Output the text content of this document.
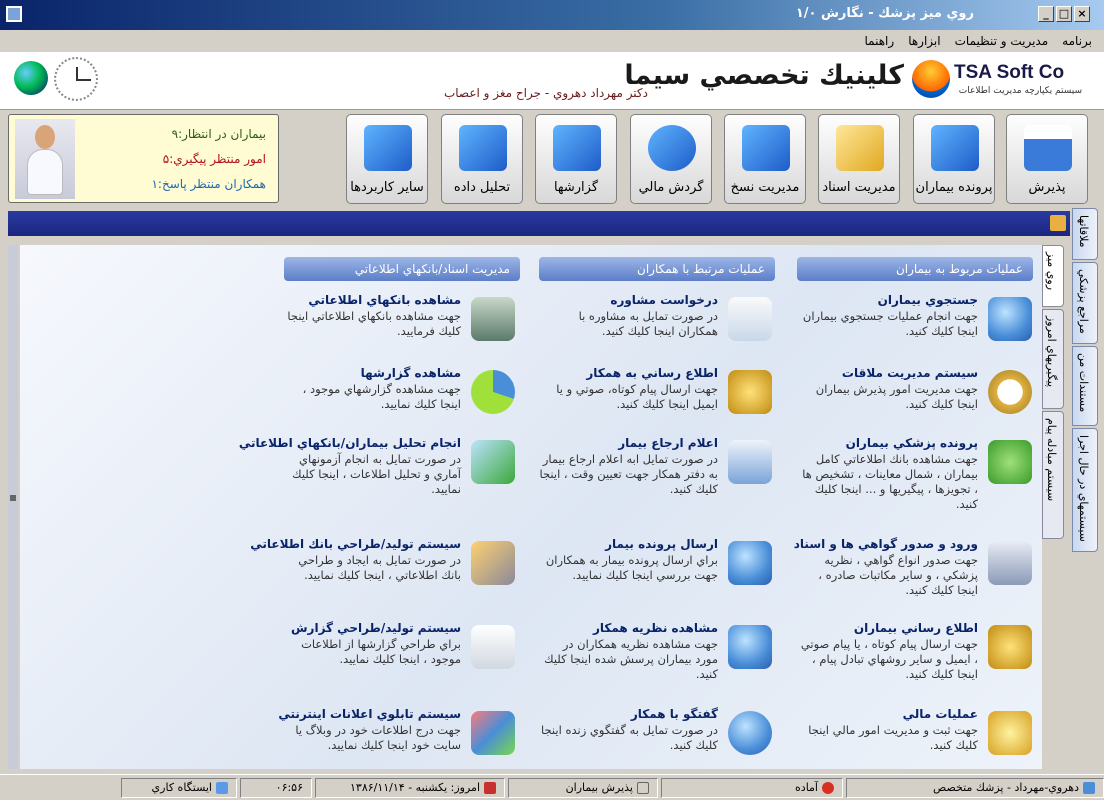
روي ميز پزشك - نگارش ۱/۰	_ □ ×
برنامه
مديريت و تنظيمات
ابزارها
راهنما
كلينيك تخصصي سيما
دكتر مهرداد دهروي - جراح مغز و اعصاب
TSA Soft Co
سيستم يكپارچه مديريت اطلاعات
بيماران در انتظار:۹
امور منتظر پيگيري:۵
همكاران منتظر پاسخ:۱	پذيرش
پرونده بيماران
مديريت اسناد
مديريت نسخ
گردش مالي
گزارشها
تحليل داده
ساير كاربردها
عمليات مربوط به بيماران
عمليات مرتبط با همكاران
مديريت اسناد/بانكهاي اطلاعاتي
جستجوي بيماران
جهت انجام عمليات جستجوي بيماران اينجا كليك كنيد.
سيستم مديريت ملاقات
جهت مديريت امور پذيرش بيماران اينجا كليك كنيد.
پرونده پزشكي بيماران
جهت مشاهده بانك اطلاعاتي كامل بيماران ، شمال معاينات ، تشخيص ها ، تجويزها ، پيگيريها و ... اينجا كليك كنيد.
ورود و صدور گواهي ها و اسناد
جهت صدور انواع گواهي ، نظريه پزشكي ، و ساير مكاتبات صادره ، اينجا كليك كنيد.
اطلاع رساني بيماران
جهت ارسال پيام كوتاه ، يا پيام صوتي ، ايميل و ساير روشهاي تبادل پيام ، اينجا كليك كنيد.
عمليات مالي
جهت ثبت و مديريت امور مالي اينجا كليك كنيد.
درخواست مشاوره
در صورت تمايل به مشاوره با همكاران اينجا كليك كنيد.
اطلاع رساني به همكار
جهت ارسال پيام كوتاه، صوتي و يا ايميل اينجا كليك كنيد.
اعلام ارجاع بيمار
در صورت تمايل ابه اعلام ارجاع بيمار به دفتر همكار جهت تعيين وقت ، اينجا كليك كنيد.
ارسال پرونده بيمار
براي ارسال پرونده بيمار به همكاران جهت بررسي اينجا كليك نماييد.
مشاهده نظريه همكار
جهت مشاهده نظريه همكاران در مورد بيماران پرسش شده اينجا كليك كنيد.
گفتگو با همكار
در صورت تمايل به گفتگوي زنده اينجا كليك كنيد.
مشاهده بانكهاي اطلاعاتي
جهت مشاهده بانكهاي اطلاعاتي اينجا كليك فرماييد.
مشاهده گزارشها
جهت مشاهده گزارشهاي موجود ، اينجا كليك نماييد.
انجام تحليل بيماران/بانكهاي اطلاعاتي
در صورت تمايل به انجام آزمونهاي آماري و تحليل اطلاعات ، اينجا كليك نماييد.
سيستم توليد/طراحي بانك اطلاعاتي
در صورت تمايل به ايجاد و طراحي بانك اطلاعاتي ، اينجا كليك نماييد.
سيستم توليد/طراحي گزارش
براي طراحي گزارشها از اطلاعات موجود ، اينجا كليك نماييد.
سيستم تابلوي اعلانات اينترنتي
جهت درج اطلاعات خود در وبلاگ يا سايت خود اينجا كليك نماييد.
روي ميز
پيگيريهاي امروز
سيستم مبادله پيام
ملاقاتها
مراجع پزشكي
مستندات من
سيستمهاي در حال اجرا
دهروي-مهرداد - پزشك متخصص
آماده
پذيرش بيماران
امروز: يكشنبه - ۱۳۸۶/۱۱/۱۴
۰۶:۵۶
ايستگاه كاري
